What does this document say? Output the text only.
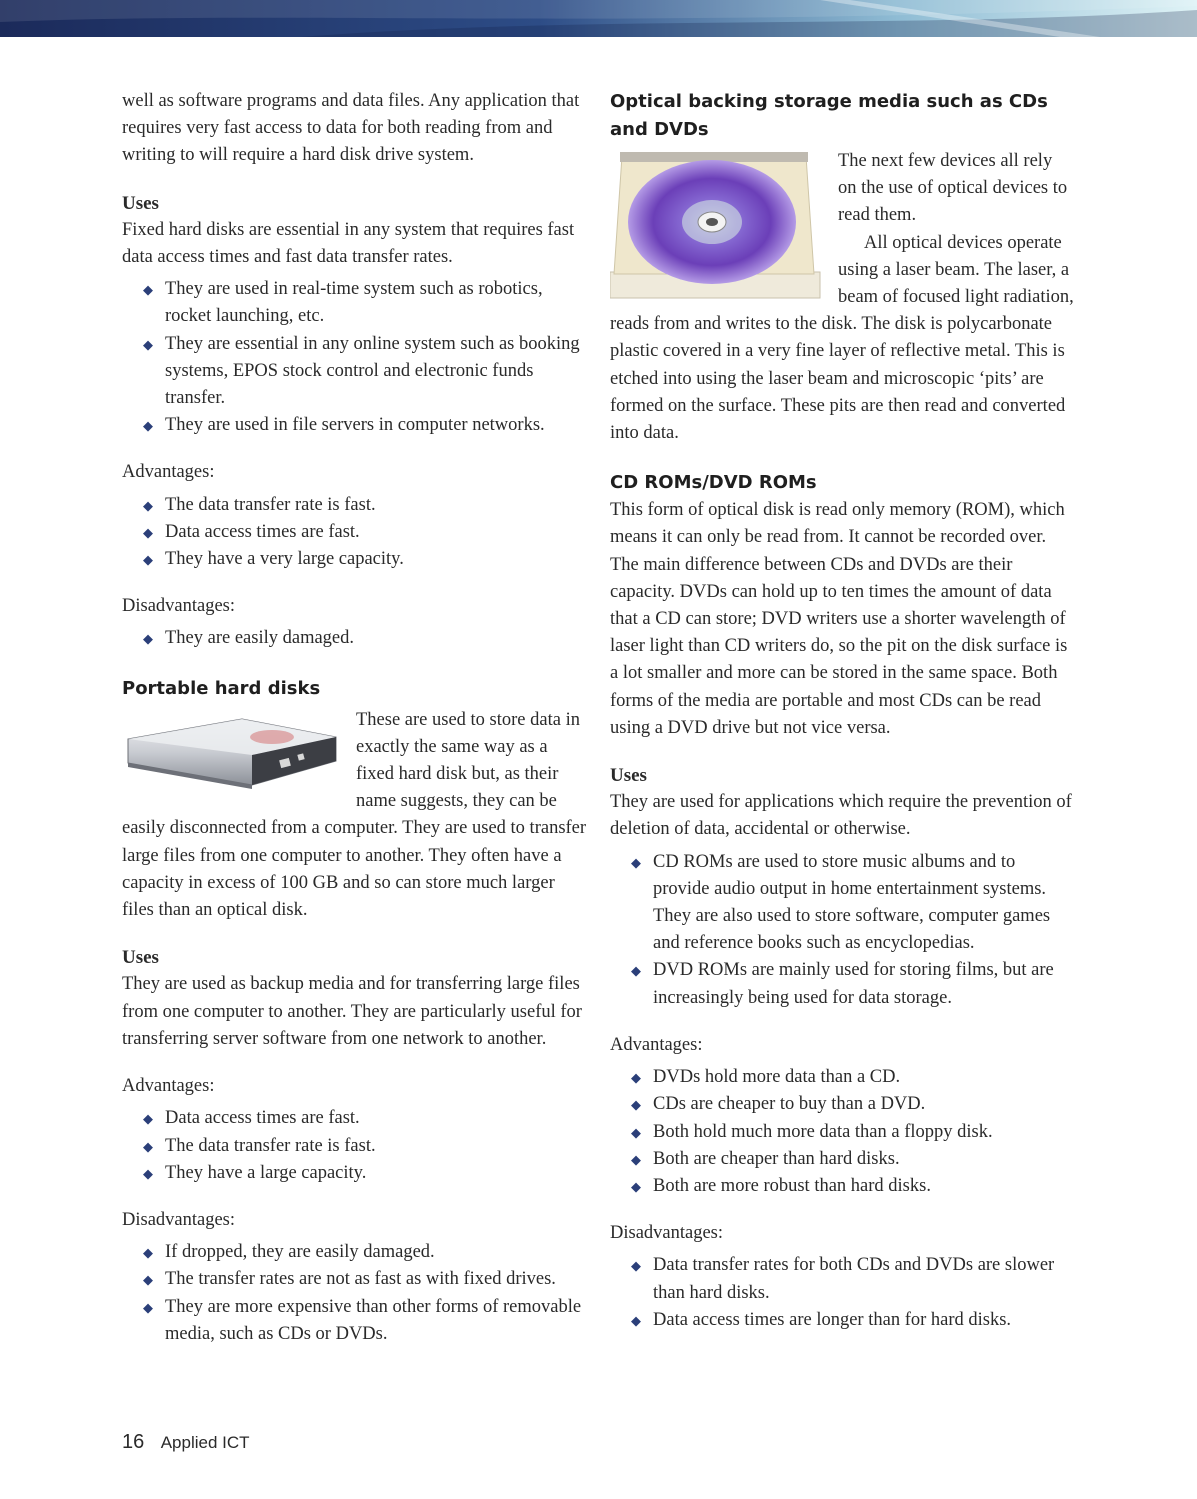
well as software programs and data files. Any application that requires very fast access to data for both reading from and writing to will require a hard disk drive system.

Uses

Fixed hard disks are essential in any system that requires fast data access times and fast data transfer rates.

◆ They are used in real-time system such as robotics, rocket launching, etc.
◆ They are essential in any online system such as booking systems, EPOS stock control and electronic funds transfer.
◆ They are used in file servers in computer networks.

Advantages:

◆ The data transfer rate is fast.
◆ Data access times are fast.
◆ They have a very large capacity.

Disadvantages:

◆ They are easily damaged.

Portable hard disks

These are used to store data in exactly the same way as a fixed hard disk but, as their name suggests, they can be easily disconnected from a computer. They are used to transfer large files from one computer to another. They often have a capacity in excess of 100 GB and so can store much larger files than an optical disk.

Uses

They are used as backup media and for transferring large files from one computer to another. They are particularly useful for transferring server software from one network to another.

Advantages:

◆ Data access times are fast.
◆ The data transfer rate is fast.
◆ They have a large capacity.

Disadvantages:

◆ If dropped, they are easily damaged.
◆ The transfer rates are not as fast as with fixed drives.
◆ They are more expensive than other forms of removable media, such as CDs or DVDs.

Optical backing storage media such as CDs and DVDs

The next few devices all rely on the use of optical devices to read them.

All optical devices operate using a laser beam. The laser, a beam of focused light radiation, reads from and writes to the disk. The disk is polycarbonate plastic covered in a very fine layer of reflective metal. This is etched into using the laser beam and microscopic ‘pits’ are formed on the surface. These pits are then read and converted into data.

CD ROMs/DVD ROMs

This form of optical disk is read only memory (ROM), which means it can only be read from. It cannot be recorded over. The main difference between CDs and DVDs are their capacity. DVDs can hold up to ten times the amount of data that a CD can store; DVD writers use a shorter wavelength of laser light than CD writers do, so the pit on the disk surface is a lot smaller and more can be stored in the same space. Both forms of the media are portable and most CDs can be read using a DVD drive but not vice versa.

Uses

They are used for applications which require the prevention of deletion of data, accidental or otherwise.

◆ CD ROMs are used to store music albums and to provide audio output in home entertainment systems. They are also used to store software, computer games and reference books such as encyclopedias.
◆ DVD ROMs are mainly used for storing films, but are increasingly being used for data storage.

Advantages:

◆ DVDs hold more data than a CD.
◆ CDs are cheaper to buy than a DVD.
◆ Both hold much more data than a floppy disk.
◆ Both are cheaper than hard disks.
◆ Both are more robust than hard disks.

Disadvantages:

◆ Data transfer rates for both CDs and DVDs are slower than hard disks.
◆ Data access times are longer than for hard disks.
16 Applied ICT
